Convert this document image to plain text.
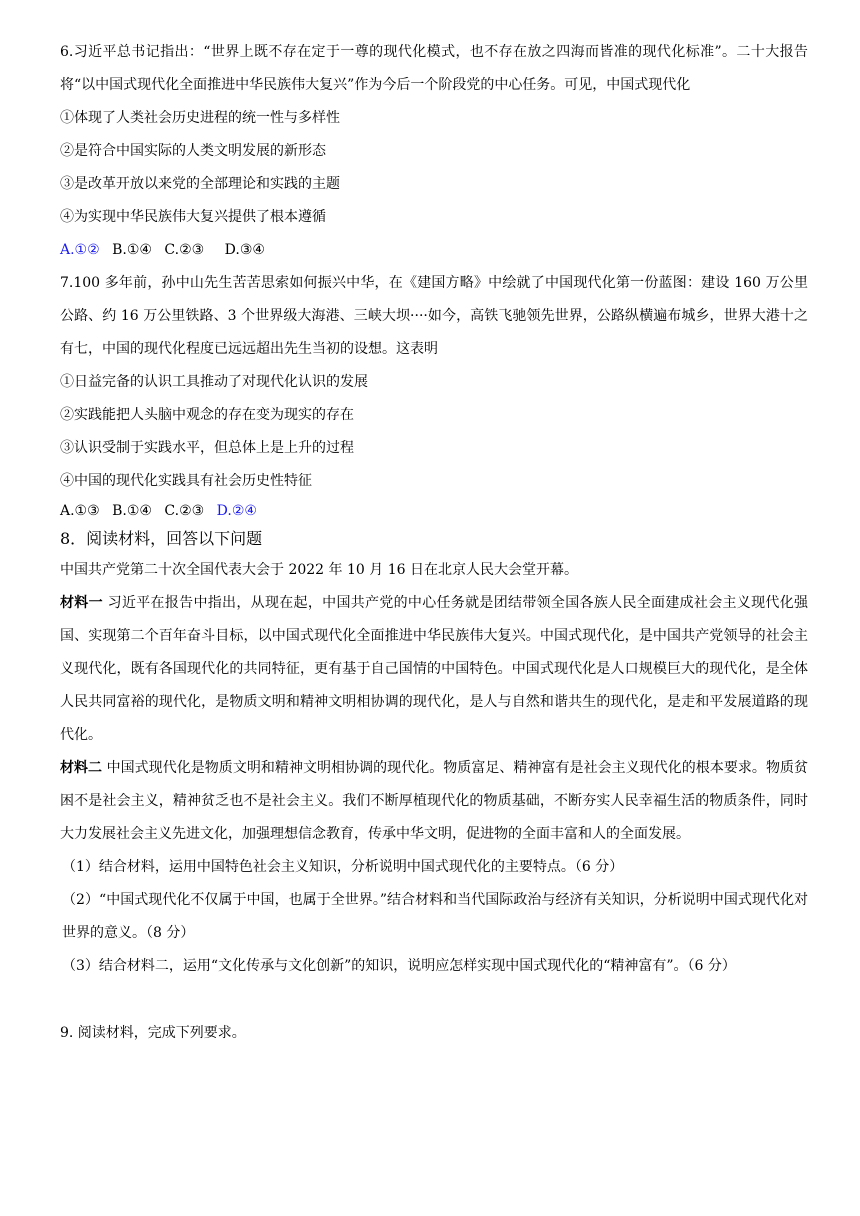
6.习近平总书记指出：“世界上既不存在定于一尊的现代化模式，也不存在放之四海而皆准的现代化标准”。二十大报告将“以中国式现代化全面推进中华民族伟大复兴”作为今后一个阶段党的中心任务。可见，中国式现代化

①体现了人类社会历史进程的统一性与多样性

②是符合中国实际的人类文明发展的新形态

③是改革开放以来党的全部理论和实践的主题

④为实现中华民族伟大复兴提供了根本遵循

A.①② B.①④ C.②③ D.③④

7.100 多年前，孙中山先生苦苦思索如何振兴中华，在《建国方略》中绘就了中国现代化第一份蓝图：建设 160 万公里公路、约 16 万公里铁路、3 个世界级大海港、三峡大坝····如今，高铁飞驰领先世界，公路纵横遍布城乡，世界大港十之有七，中国的现代化程度已远远超出先生当初的设想。这表明

①日益完备的认识工具推动了对现代化认识的发展

②实践能把人头脑中观念的存在变为现实的存在

③认识受制于实践水平，但总体上是上升的过程

④中国的现代化实践具有社会历史性特征

A.①③ B.①④ C.②③ D.②④

8．阅读材料，回答以下问题

中国共产党第二十次全国代表大会于 2022 年 10 月 16 日在北京人民大会堂开幕。

材料一 习近平在报告中指出，从现在起，中国共产党的中心任务就是团结带领全国各族人民全面建成社会主义现代化强国、实现第二个百年奋斗目标，以中国式现代化全面推进中华民族伟大复兴。中国式现代化，是中国共产党领导的社会主义现代化，既有各国现代化的共同特征，更有基于自己国情的中国特色。中国式现代化是人口规模巨大的现代化，是全体人民共同富裕的现代化，是物质文明和精神文明相协调的现代化，是人与自然和谐共生的现代化，是走和平发展道路的现代化。

材料二 中国式现代化是物质文明和精神文明相协调的现代化。物质富足、精神富有是社会主义现代化的根本要求。物质贫困不是社会主义，精神贫乏也不是社会主义。我们不断厚植现代化的物质基础，不断夯实人民幸福生活的物质条件，同时大力发展社会主义先进文化，加强理想信念教育，传承中华文明，促进物的全面丰富和人的全面发展。

（1）结合材料，运用中国特色社会主义知识，分析说明中国式现代化的主要特点。（6 分）

（2）“中国式现代化不仅属于中国，也属于全世界。”结合材料和当代国际政治与经济有关知识，分析说明中国式现代化对世界的意义。（8 分）

（3）结合材料二，运用“文化传承与文化创新”的知识，说明应怎样实现中国式现代化的“精神富有”。（6 分）

9. 阅读材料，完成下列要求。
